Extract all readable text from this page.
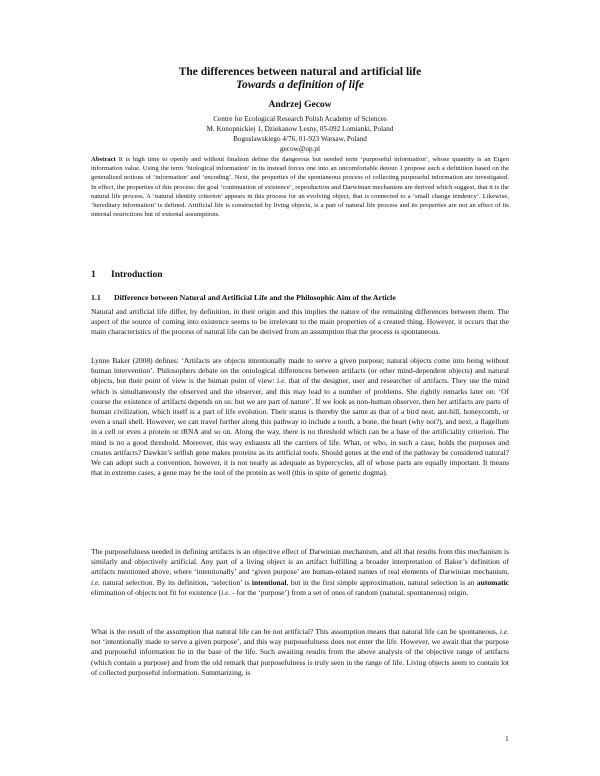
The differences between natural and artificial life
Towards a definition of life
Andrzej Gecow
Centre for Ecological Research Polish Academy of Sciences
M. Konopnickiej 1, Dziekanow Lesny, 05-092 Lomianki, Poland
Boguslawskiego 4/76, 01-923 Warsaw, Poland
gecow@op.pl
Abstract It is high time to openly and without finalism define the dangerous but needed term ‘purposeful information’, whose quantity is an Eigen information value. Using the term ‘biological information’ in its instead forces one into an uncomfortable detour. I propose such a definition based on the generalized notions of ‘information’ and ‘encoding’. Next, the properties of the spontaneous process of collecting purposeful information are investigated. In effect, the properties of this process: the goal ‘continuation of existence’, reproduction and Darwinian mechanism are derived which suggest, that it is the natural life process. A ‘natural identity criterion’ appears in this process for an evolving object, that is connected to a ‘small change tendency’. Likewise, ‘hereditary information’ is defined. Artificial life is constructed by living objects, is a part of natural life process and its properties are not an effect of its internal restrictions but of external assumptions.
1 Introduction
1.1 Difference between Natural and Artificial Life and the Philosophic Aim of the Article

Natural and artificial life differ, by definition, in their origin and this implies the nature of the remaining differences between them. The aspect of the source of coming into existence seems to be irrelevant to the main properties of a created thing. However, it occurs that the main characteristics of the process of natural life can be derived from an assumption that the process is spontaneous.

Lynne Baker (2008) defines: ‘Artifacts are objects intentionally made to serve a given purpose; natural objects come into being without human intervention’. Philosophers debate on the ontological differences between artifacts (or other mind-dependent objects) and natural objects, but their point of view is the human point of view: i.e. that of the designer, user and researcher of artifacts. They use the mind which is simultaneously the observed and the observer, and this may lead to a number of problems. She rightly remarks later on: ‘Of course the existence of artifacts depends on us: but we are part of nature’. If we look as non-human observer, then her artifacts are parts of human civilization, which itself is a part of life evolution. Their status is thereby the same as that of a bird nest, ant-hill, honeycomb, or even a snail shell. However, we can travel further along this pathway to include a tooth, a bone, the heart (why not?), and next, a flagellum in a cell or even a protein or tRNA and so on. Along the way, there is no threshold which can be a base of the artificiality criterion. The mind is no a good threshold. Moreover, this way exhausts all the carriers of life. What, or who, in such a case, holds the purposes and creates artifacts? Dawkin’s selfish gene makes proteins as its artificial tools. Should genes at the end of the pathway be considered natural? We can adopt such a convention, however, it is not nearly as adequate as hypercycles, all of whose parts are equally important. It means that in extreme cases, a gene may be the tool of the protein as well (this in spite of genetic dogma).

The purposefulness needed in defining artifacts is an objective effect of Darwinian mechanism, and all that results from this mechanism is similarly and objectively artificial. Any part of a living object is an artifact fulfilling a broader interpretation of Baker’s definition of artifacts mentioned above, where ‘intentionally’ and ‘given purpose’ are human-related names of real elements of Darwinian mechanism, i.e. natural selection. By its definition, ‘selection’ is intentional, but in the first simple approximation, natural selection is an automatic elimination of objects not fit for existence (i.e. - for the ‘purpose’) from a set of ones of random (natural, spontaneous) origin.

What is the result of the assumption that natural life can be not artificial? This assumption means that natural life can be spontaneous, i.e. not ‘intentionally made to serve a given purpose’, and this way purposefulness does not enter the life. However, we await that the purpose and purposeful information lie in the base of the life. Such awaiting results from the above analysis of the objective range of artifacts (which contain a purpose) and from the old remark that purposefulness is truly seen in the range of life. Living objects seem to contain lot of collected purposeful information. Summarizing, is

1
